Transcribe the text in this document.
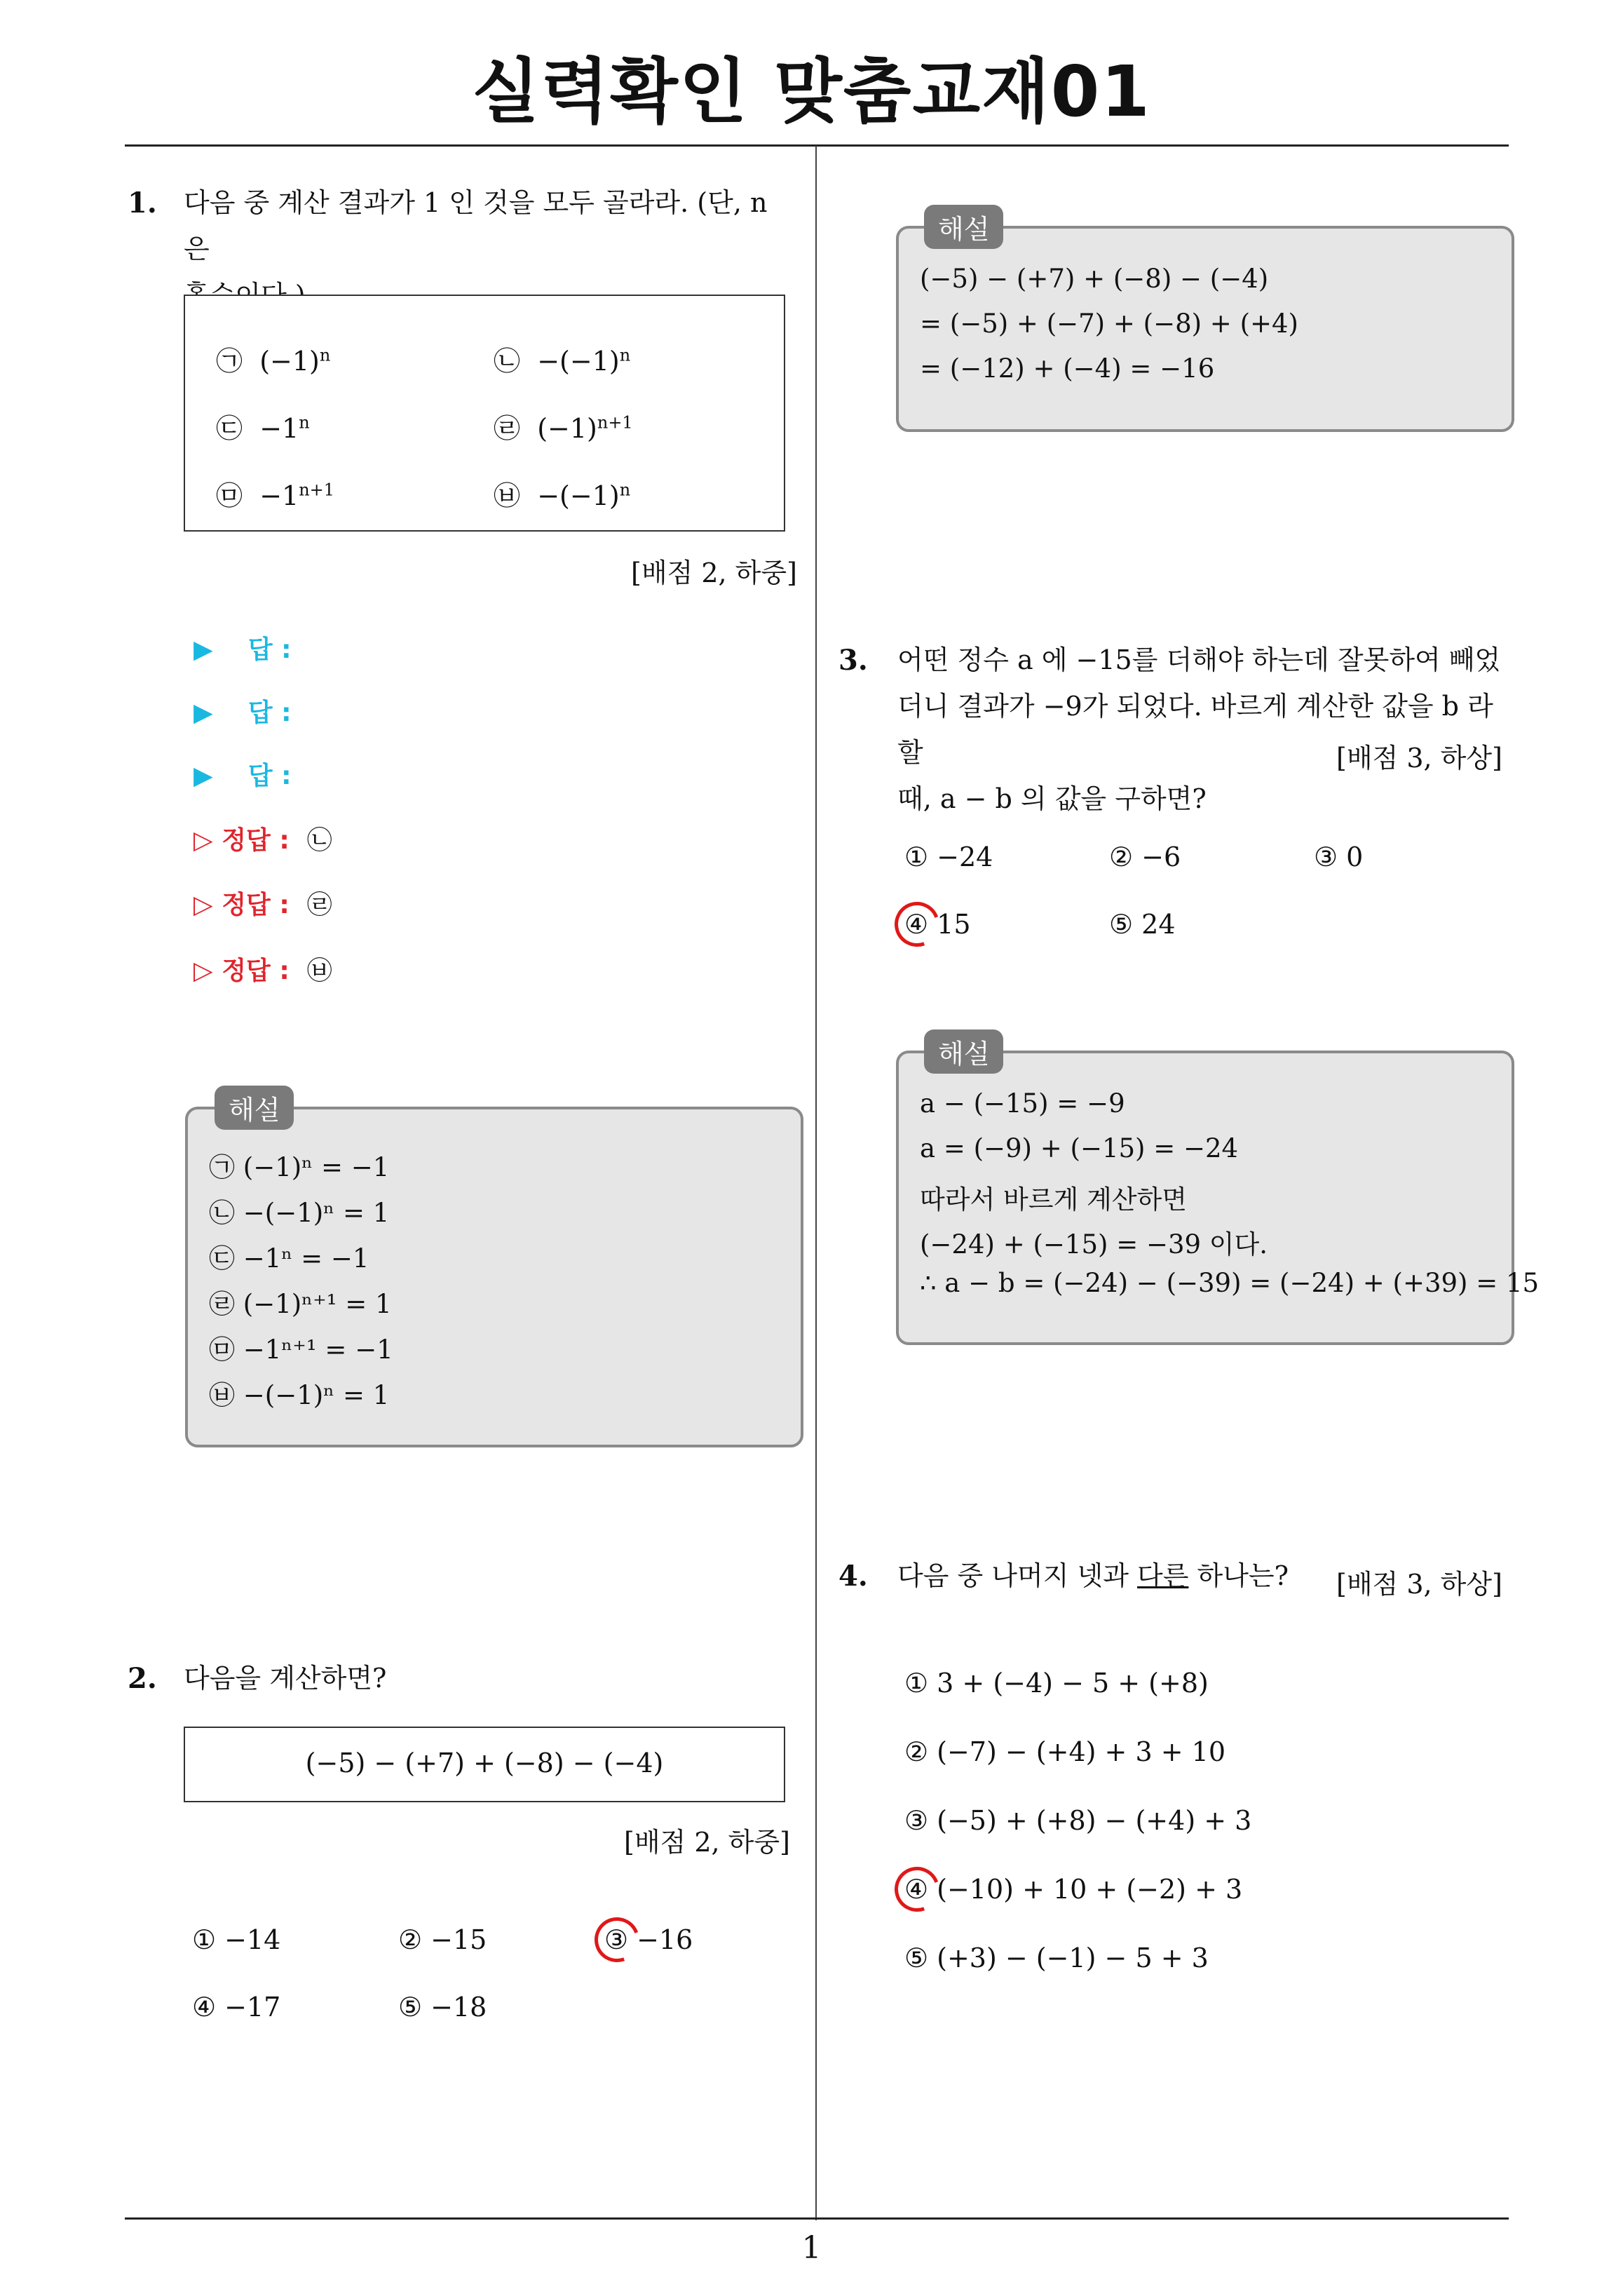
실력확인 맞춤교재01
1. 다음 중 계산 결과가 1 인 것을 모두 골라라. (단, n 은
㉠ $(-1)^n$	㉡ $-(-1)^n$
㉢ $-1^n$	㉣ $(-1)^{n+1}$
㉤ $-1^{n+1}$	㉥ $-(-1)^n$
[배점 2, 하중]
▶ 답 :
▶ 답 :
▶ 답 :
▷ 정답 : ㉡
▷ 정답 : ㉣
▷ 정답 : ㉥
㉠ (−1)ⁿ = −1
㉡ −(−1)ⁿ = 1
㉢ −1ⁿ = −1
㉣ (−1)ⁿ⁺¹ = 1
㉤ −1ⁿ⁺¹ = −1
㉥ −(−1)ⁿ = 1
해설
2. 다음을 계산하면?
(−5) − (+7) + (−8) − (−4)
[배점 2, 하중]
① −14	② −15	③ −16
④ −17	⑤ −18
(−5) − (+7) + (−8) − (−4)
= (−5) + (−7) + (−8) + (+4)
= (−12) + (−4) = −16
해설
3. 어떤 정수 a 에 −15를 더해야 하는데 잘못하여 빼었
더니 결과가 −9가 되었다. 바르게 계산한 값을 b 라 할
때, a − b 의 값을 구하면?
[배점 3, 하상]
① −24	② −6	③ 0
④ 15	⑤ 24
a − (−15) = −9
a = (−9) + (−15) = −24
따라서 바르게 계산하면
(−24) + (−15) = −39 이다.
∴ a − b = (−24) − (−39) = (−24) + (+39) = 15
해설
4. 다음 중 나머지 넷과 다른 하나는? [배점 3, 하상]
① 3 + (−4) − 5 + (+8)
② (−7) − (+4) + 3 + 10
③ (−5) + (+8) − (+4) + 3
④ (−10) + 10 + (−2) + 3
⑤ (+3) − (−1) − 5 + 3
1
